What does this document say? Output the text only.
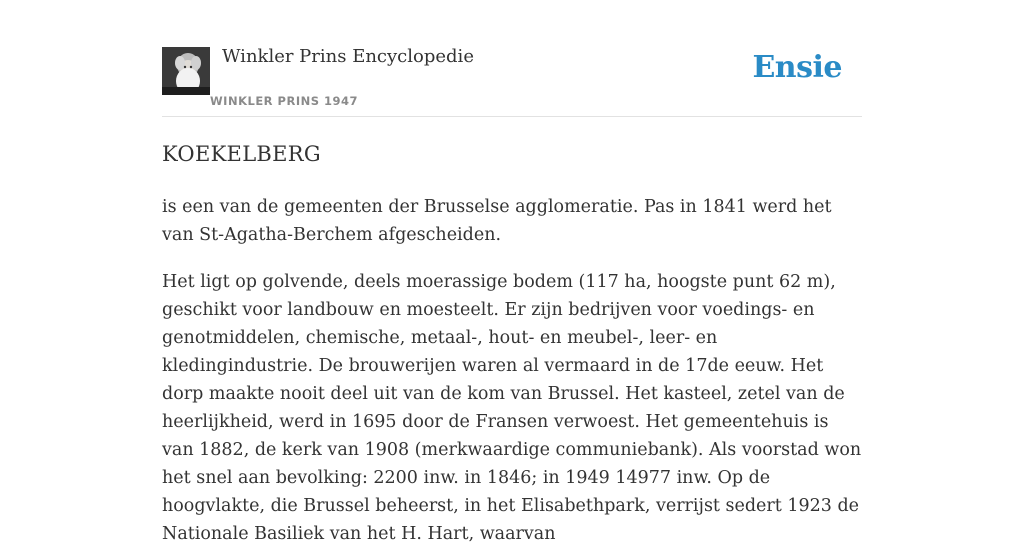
Winkler Prins Encyclopedie
WINKLER PRINS 1947
Ensie
KOEKELBERG

is een van de gemeenten der Brusselse agglomeratie. Pas in 1841 werd het van St-Agatha-Berchem afgescheiden.

Het ligt op golvende, deels moerassige bodem (117 ha, hoogste punt 62 m), geschikt voor landbouw en moesteelt. Er zijn bedrijven voor voedings- en genotmiddelen, chemische, metaal-, hout- en meubel-, leer- en kledingindustrie. De brouwerijen waren al vermaard in de 17de eeuw. Het dorp maakte nooit deel uit van de kom van Brussel. Het kasteel, zetel van de heerlijkheid, werd in 1695 door de Fransen verwoest. Het gemeentehuis is van 1882, de kerk van 1908 (merkwaardige communiebank). Als voorstad won het snel aan bevolking: 2200 inw. in 1846; in 1949 14977 inw. Op de hoogvlakte, die Brussel beheerst, in het Elisabethpark, verrijst sedert 1923 de Nationale Basiliek van het H. Hart, waarvan
